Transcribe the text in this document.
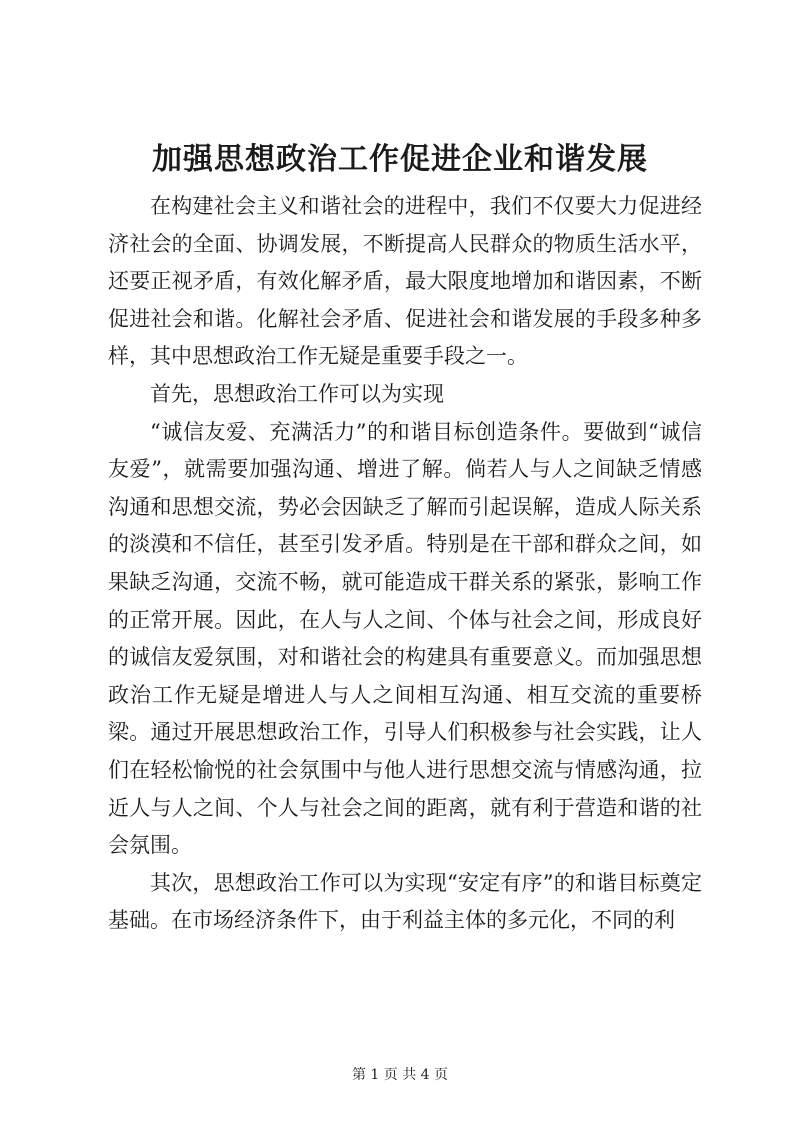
加强思想政治工作促进企业和谐发展

在构建社会主义和谐社会的进程中，我们不仅要大力促进经济社会的全面、协调发展，不断提高人民群众的物质生活水平，还要正视矛盾，有效化解矛盾，最大限度地增加和谐因素，不断促进社会和谐。化解社会矛盾、促进社会和谐发展的手段多种多样，其中思想政治工作无疑是重要手段之一。

首先，思想政治工作可以为实现

“诚信友爱、充满活力”的和谐目标创造条件。要做到“诚信友爱”，就需要加强沟通、增进了解。倘若人与人之间缺乏情感沟通和思想交流，势必会因缺乏了解而引起误解，造成人际关系的淡漠和不信任，甚至引发矛盾。特别是在干部和群众之间，如果缺乏沟通，交流不畅，就可能造成干群关系的紧张，影响工作的正常开展。因此，在人与人之间、个体与社会之间，形成良好的诚信友爱氛围，对和谐社会的构建具有重要意义。而加强思想政治工作无疑是增进人与人之间相互沟通、相互交流的重要桥梁。通过开展思想政治工作，引导人们积极参与社会实践，让人们在轻松愉悦的社会氛围中与他人进行思想交流与情感沟通，拉近人与人之间、个人与社会之间的距离，就有利于营造和谐的社会氛围。

其次，思想政治工作可以为实现“安定有序”的和谐目标奠定基础。在市场经济条件下，由于利益主体的多元化，不同的利

第 1 页 共 4 页
